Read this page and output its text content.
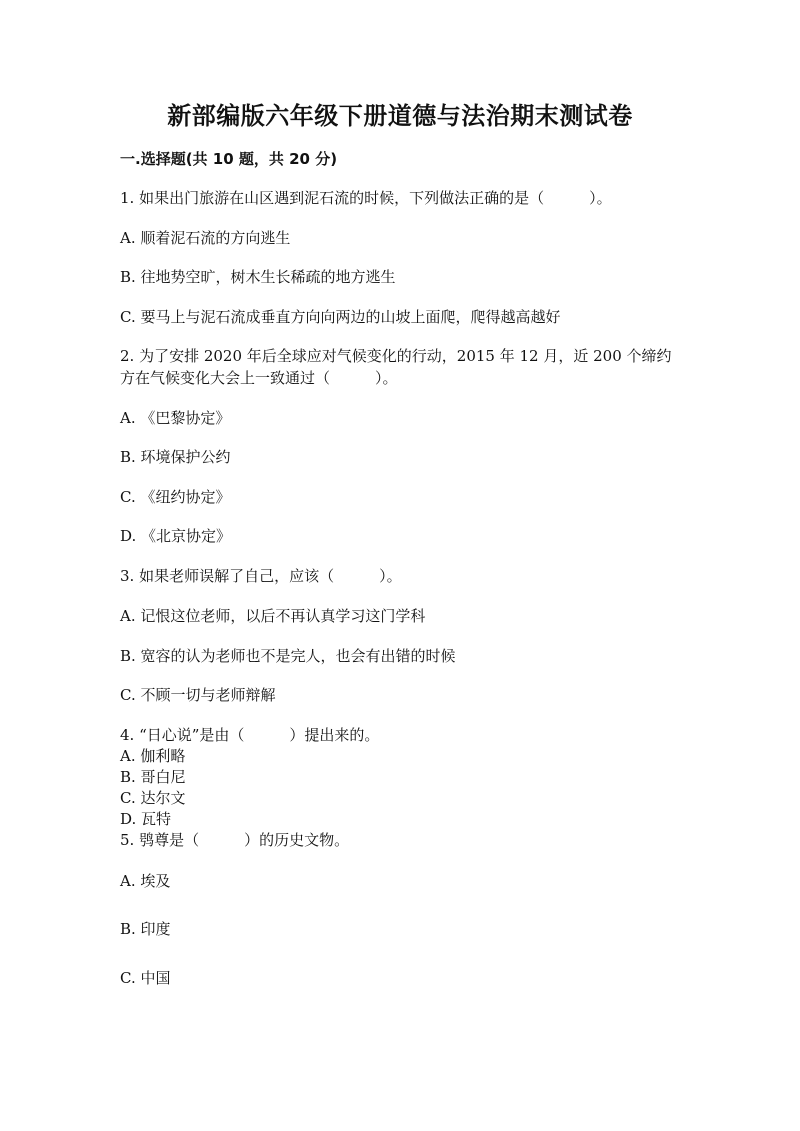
新部编版六年级下册道德与法治期末测试卷
一.选择题(共 10 题，共 20 分)
1. 如果出门旅游在山区遇到泥石流的时候，下列做法正确的是（　　　）。
A. 顺着泥石流的方向逃生
B. 往地势空旷，树木生长稀疏的地方逃生
C. 要马上与泥石流成垂直方向向两边的山坡上面爬，爬得越高越好
2. 为了安排 2020 年后全球应对气候变化的行动，2015 年 12 月，近 200 个缔约
方在气候变化大会上一致通过（　　　）。
A. 《巴黎协定》
B. 环境保护公约
C. 《纽约协定》
D. 《北京协定》
3. 如果老师误解了自己，应该（　　　）。
A. 记恨这位老师，以后不再认真学习这门学科
B. 宽容的认为老师也不是完人，也会有出错的时候
C. 不顾一切与老师辩解
4. “日心说”是由（　　　）提出来的。
A. 伽利略
B. 哥白尼
C. 达尔文
D. 瓦特
5. 鸮尊是（　　　）的历史文物。
A. 埃及
B. 印度
C. 中国
